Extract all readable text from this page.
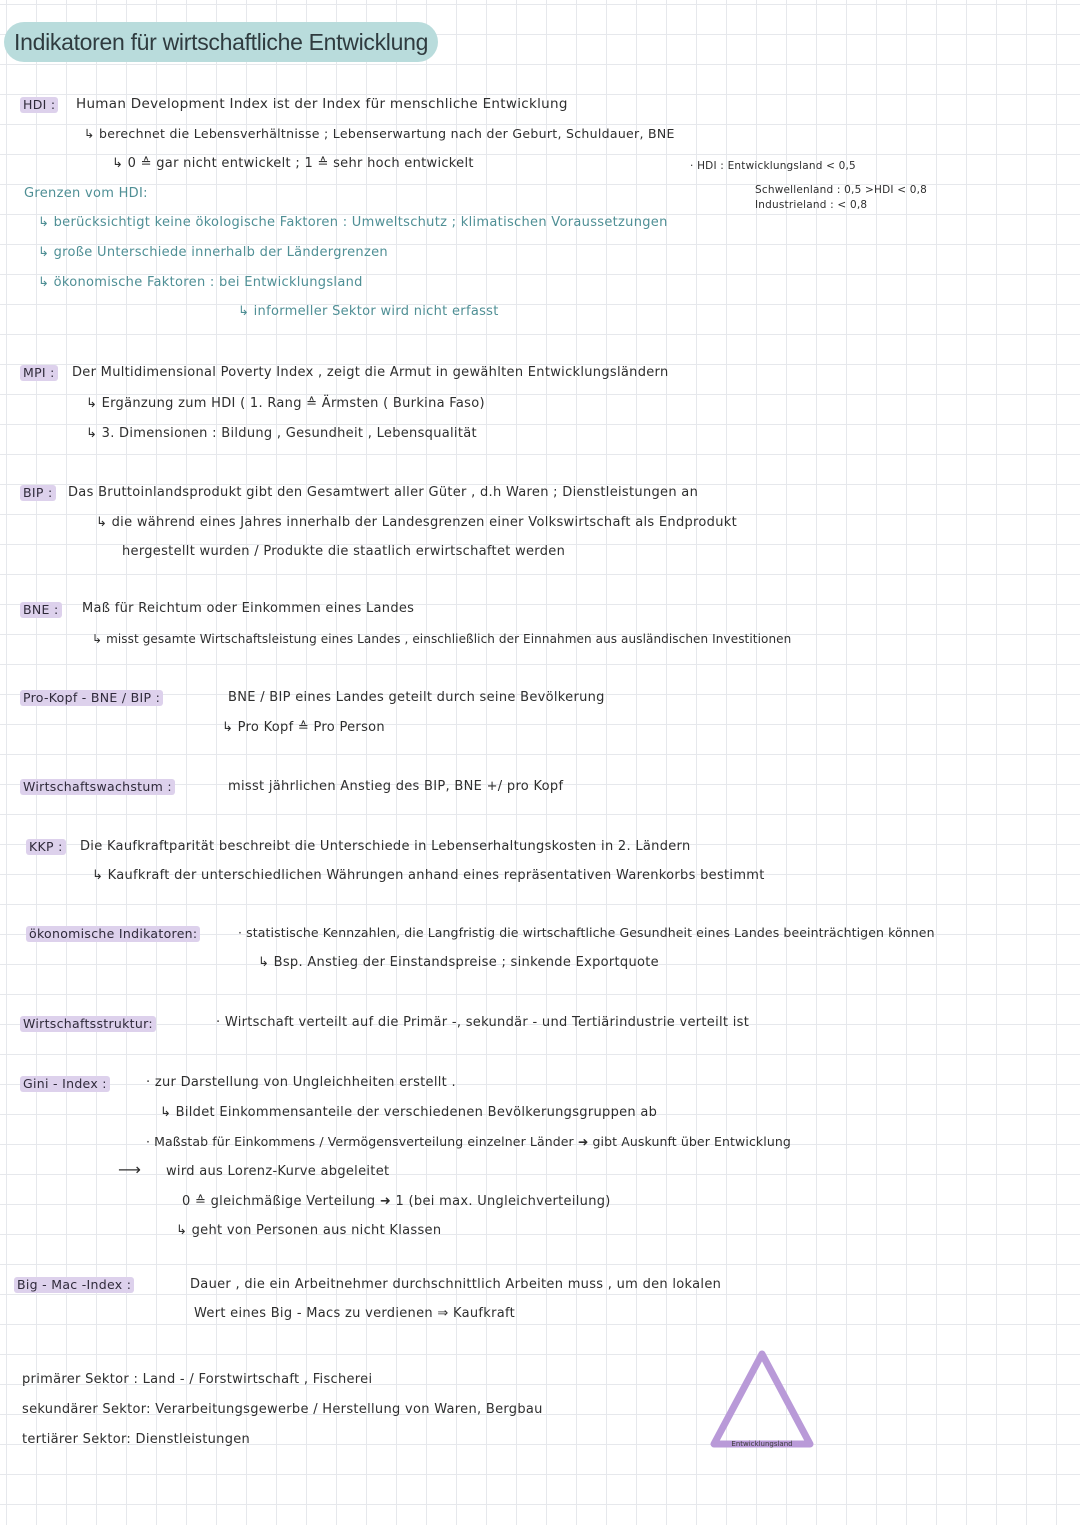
Indikatoren für wirtschaftliche Entwicklung
HDI : Human Development Index ist der Index für menschliche Entwicklung
↳ berechnet die Lebensverhältnisse ; Lebenserwartung nach der Geburt, Schuldauer, BNE
↳ 0 ≙ gar nicht entwickelt ; 1 ≙ sehr hoch entwickelt	· HDI : Entwicklungsland < 0,5
Schwellenland : 0,5 >HDI < 0,8
Industrieland : < 0,8
Grenzen vom HDI:
↳ berücksichtigt keine ökologische Faktoren : Umweltschutz ; klimatischen Voraussetzungen
↳ große Unterschiede innerhalb der Ländergrenzen
↳ ökonomische Faktoren : bei Entwicklungsland
↳ informeller Sektor wird nicht erfasst
MPI : Der Multidimensional Poverty Index , zeigt die Armut in gewählten Entwicklungsländern
↳ Ergänzung zum HDI ( 1. Rang ≙ Ärmsten ( Burkina Faso)
↳ 3. Dimensionen : Bildung , Gesundheit , Lebensqualität
BIP : Das Bruttoinlandsprodukt gibt den Gesamtwert aller Güter , d.h Waren ; Dienstleistungen an
↳ die während eines Jahres innerhalb der Landesgrenzen einer Volkswirtschaft als Endprodukt
hergestellt wurden / Produkte die staatlich erwirtschaftet werden
BNE : Maß für Reichtum oder Einkommen eines Landes
↳ misst gesamte Wirtschaftsleistung eines Landes , einschließlich der Einnahmen aus ausländischen Investitionen
Pro-Kopf - BNE / BIP :	BNE / BIP eines Landes geteilt durch seine Bevölkerung
↳ Pro Kopf ≙ Pro Person
Wirtschaftswachstum :	misst jährlichen Anstieg des BIP, BNE +/ pro Kopf
KKP : Die Kaufkraftparität beschreibt die Unterschiede in Lebenserhaltungskosten in 2. Ländern
↳ Kaufkraft der unterschiedlichen Währungen anhand eines repräsentativen Warenkorbs bestimmt
ökonomische Indikatoren:	· statistische Kennzahlen, die Langfristig die wirtschaftliche Gesundheit eines Landes beeinträchtigen können
↳ Bsp. Anstieg der Einstandspreise ; sinkende Exportquote
Wirtschaftsstruktur:	· Wirtschaft verteilt auf die Primär -, sekundär - und Tertiärindustrie verteilt ist
Gini - Index :	· zur Darstellung von Ungleichheiten erstellt .
↳ Bildet Einkommensanteile der verschiedenen Bevölkerungsgruppen ab
· Maßstab für Einkommens / Vermögensverteilung einzelner Länder ➜ gibt Auskunft über Entwicklung
⟶ wird aus Lorenz-Kurve abgeleitet
0 ≙ gleichmäßige Verteilung ➜ 1 (bei max. Ungleichverteilung)
↳ geht von Personen aus nicht Klassen
Big - Mac -Index :	Dauer , die ein Arbeitnehmer durchschnittlich Arbeiten muss , um den lokalen
Wert eines Big - Macs zu verdienen ⇒ Kaufkraft
primärer Sektor : Land - / Forstwirtschaft , Fischerei
sekundärer Sektor: Verarbeitungsgewerbe / Herstellung von Waren, Bergbau
tertiärer Sektor: Dienstleistungen	Entwicklungsland
